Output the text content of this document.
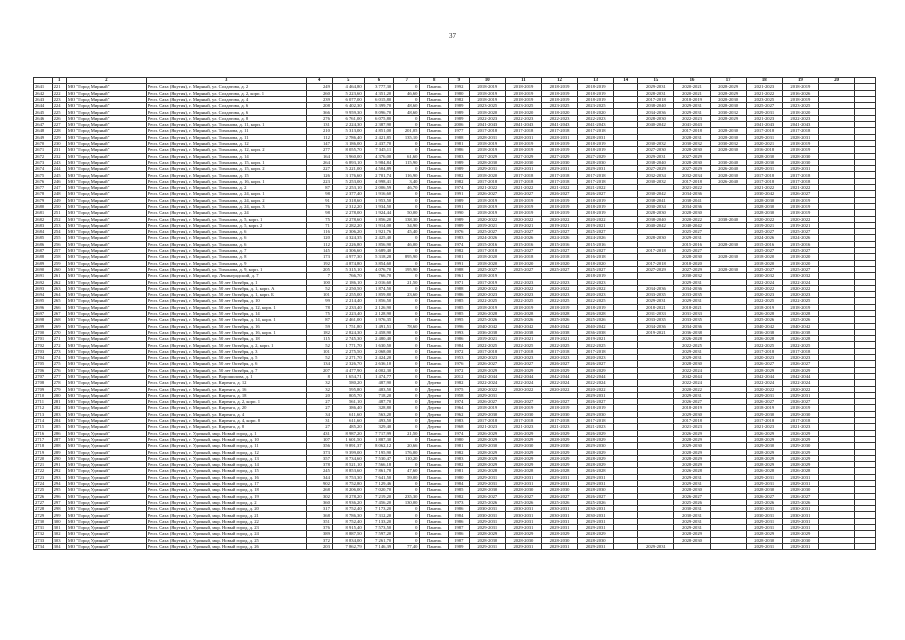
37
	1	2	3	4	5	6	7	8	9	10	11	12	13	14	15	16	17	18	19	20	
2641	221	МО "Город Мирный"	Респ. Саха (Якутия), г. Мирный, ул. Солдатова, д. 2	249	4 464,80	3 777,30	0	Панель	1992	2018-2019	2018-2019	2018-2019	2018-2019		2029-2031	2020-2021	2028-2029	2021-2023	2018-2019		
2642	222	МО "Город Мирный"	Респ. Саха (Якутия), г. Мирный, ул. Солдатова, д. 2, корп. 1	260	5 223,60	4 351,20	46,60	Панель	1980	2018-2019	2018-2019	2018-2019	2018-2019		2028-2031	2020-2021	2028-2029	2021-2022	2016-2026		
2643	223	МО "Город Мирный"	Респ. Саха (Якутия), г. Мирный, ул. Солдатова, д. 4	239	6 077,00	6 015,80	0	Панель	1982	2018-2019	2018-2019	2018-2019	2018-2019		2017-2018	2018-2019	2028-2030	2023-2025	2018-2019		
2644	224	МО "Город Мирный"	Респ. Саха (Якутия), г. Мирный, ул. Солдатова, д. 6	208	6 402,30	5 399,70	48,60	Панель	1989	2023-2025	2023-2025	2023-2025	2023-2025		2038-2040	2029-2031	2028-2030	2025-2027	2023-2025		
2645	225	МО "Город Мирный"	Респ. Саха (Якутия), г. Мирный, ул. Солдатова, д. 6	366	9 959,30	8 096,70	48,60	Панель	1989	2018-2020	2018-2020	2018-2020	2018-2020		2034-2036	2029-2031	2030-2032	2029-2031	2018-2020		
2646	226	МО "Город Мирный"	Респ. Саха (Якутия), г. Мирный, ул. Солдатова, д. 8	276	6 761,00	6 075,80	0	Панель	1989	2022-2023	2022-2023	2022-2023	2022-2023		2028-2030	2022-2023	2028-2029	2021-2023	2022-2023		
2647	227	МО "Город Мирный"	Респ. Саха (Якутия), г. Мирный, ул. Тихонова, д. 11, корп. 1	131	2 224,30	2 387,90	0	Панель	2006	2041-2043	2041-2043	2041-2043	2041-2043		2040-2042	2041-2043		2041-2043	2041-2043		
2648	228	МО "Город Мирный"	Респ. Саха (Якутия), г. Мирный, ул. Тихонова, д. 11	210	5 313,00	4 851,00	201,05	Панель	1977	2017-2018	2017-2018	2017-2018	2017-2018			2017-2018	2028-2030	2017-2018	2017-2018		
2649	229	МО "Город Мирный"	Респ. Саха (Якутия), г. Мирный, ул. Тихонова, д. 11	112	2 786,40	2 421,85	135,10	Панель	1988	2028-2031	2028-2031	2028-2031	2028-2031			2028-2031	2028-2030	2029-2031	2028-2031		
2670	230	МО "Город Мирный"	Респ. Саха (Якутия), г. Мирный, ул. Тихонова, д. 12	147	3 186,00	2 437,70	0	Панель	1981	2018-2019	2018-2019	2018-2019	2018-2019		2030-2032	2030-2032	2030-2032	2020-2021	2018-2019		
2671	231	МО "Город Мирный"	Респ. Саха (Якутия), г. Мирный, ул. Тихонова, д. 12, корп. 2	277	8 055,70	7 345,11	0	Панель	1986	2018-2019	2018-2019	2018-2019	2018-2019		2027-2030	2028-2030	2028-2030	2016-2018	2018-2019		
2672	232	МО "Город Мирный"	Респ. Саха (Якутия), г. Мирный, ул. Тихонова, д. 14	164	3 960,00	4 376,00	61,60	Панель	1983	2027-2029	2027-2029	2027-2029	2027-2029		2029-2031	2027-2029		2028-2030	2028-2030		
2673	243	МО "Город Мирный"	Респ. Саха (Якутия), г. Мирный, ул. Тихонова, д. 15, корп. 1	264	6 893,10	5 984,84	115,90	Панель	1989	2028-2030	2028-2030	2028-2030	2028-2030		2038-2040	2028-2030	2030-2040	2028-2030	2028-2030		
2674	244	МО "Город Мирный"	Респ. Саха (Якутия), г. Мирный, ул. Тихонова, д. 15, корп. 2	227	5 221,00	4 504,89	0	Панель	1989	2029-2031	2029-2031	2029-2031	2029-2031		2027-2029	2027-2029	2026-2040	2029-2031	2029-2031		
2675	245	МО "Город Мирный"	Респ. Саха (Якутия), г. Мирный, ул. Тихонова, д. 15	126	3 176,60	2 701,74	116,90	Панель	1982	2018-2020	2017-2018	2017-2018	2017-2018		2032-2034	2032-2034	2028-2030	2017-2018	2017-2018		
2676	246	МО "Город Мирный"	Респ. Саха (Якутия), г. Мирный, ул. Тихонова, д. 16, корп. 1	223	5 253,00	4 998,41	3,40	Панель	1982	2017-2018	2017-2018	2017-2018	2017-2018		2030-2032	2017-2018	2026-2040	2017-2018	2017-2018		
2677	247	МО "Город Мирный"	Респ. Саха (Якутия), г. Мирный, ул. Тихонова, д. 2	87	2 253,10	2 006,59	46,70	Панель	1974	2021-2022	2021-2022	2021-2022	2021-2022			2021-2022		2021-2022	2021-2022		
2678	248	МО "Город Мирный"	Респ. Саха (Якутия), г. Мирный, ул. Тихонова, д. 24, корп. 1	98	2 377,40	1 916,60	0	Панель	1991	2026-2027	2026-2027	2026-2027	2026-2027		2030-2042	2034-2036		2030-2042	2026-2027		
2679	249	МО "Город Мирный"	Респ. Саха (Якутия), г. Мирный, ул. Тихонова, д. 24, корп. 2	91	2 318,60	1 953,50	0	Панель	1989	2018-2019	2018-2019	2018-2019	2018-2019		2038-2041	2038-2041		2028-2030	2018-2019		
2680	250	МО "Город Мирный"	Респ. Саха (Якутия), г. Мирный, ул. Тихонова, д. 24, корп. 3	76	2 312,20	1 934,50	0	Панель	1991	2018-2019	2018-2019	2018-2019	2018-2019		2030-2034	2034-2036		2028-2030	2018-2019		
2681	251	МО "Город Мирный"	Респ. Саха (Якутия), г. Мирный, ул. Тихонова, д. 24	98	2 278,00	1 924,44	50,00	Панель	1990	2018-2019	2018-2019	2018-2019	2018-2019		2028-2030	2028-2030		2028-2030	2018-2019		
2682	252	МО "Город Мирный"	Респ. Саха (Якутия), г. Мирный, ул. Тихонова, д. 5, корп. 1	75	2 278,60	1 856,20	138,30	Панель	1989	2020-2022	2020-2022	2020-2022	2020-2022		2038-2040	2020-2022	2038-2040	2020-2022	2020-2022		
2683	253	МО "Город Мирный"	Респ. Саха (Якутия), г. Мирный, ул. Тихонова, д. 5, корп. 2	71	2 282,20	1 914,00	34,90	Панель	1989	2019-2021	2019-2021	2019-2021	2019-2021		2040-2042	2040-2042		2019-2021	2019-2021		
2684	254	МО "Город Мирный"	Респ. Саха (Якутия), г. Мирный, ул. Тихонова, д. 6	116	2 306,20	1 921,76	45,40	Панель	1976	2025-2027	2025-2027	2025-2027	2025-2027			2025-2027		2025-2027	2025-2027		
2685	255	МО "Город Мирный"	Респ. Саха (Якутия), г. Мирный, ул. Тихонова, д. 6	120	4 324,35	2 425,40	0	Панель	1983	2024-2026	2024-2026	2024-2026	2024-2026		2028-2030	2029-2031		2024-2026	2024-2026		
2686	256	МО "Город Мирный"	Респ. Саха (Якутия), г. Мирный, ул. Тихонова, д. 6	112	2 226,80	1 856,90	46,00	Панель	1974	2015-2016	2015-2016	2015-2016	2015-2016			2015-2016	2028-2030	2015-2016	2015-2016		
2687	257	МО "Город Мирный"	Респ. Саха (Якутия), г. Мирный, ул. Тихонова, д. 7	145	4 306,60	3 689,40	0	Панель	1982	2017-2018	2025-2027	2025-2027	2025-2027		2017-2018	2025-2027		2025-2027	2025-2027		
2688	258	МО "Город Мирный"	Респ. Саха (Якутия), г. Мирный, ул. Тихонова, д. 8	173	4 977,30	5 318,28	895,90	Панель	1981	2018-2020	2016-2018	2016-2018	2016-2018			2028-2030	2028-2030	2018-2020	2018-2020		
2689	259	МО "Город Мирный"	Респ. Саха (Якутия), г. Мирный, ул. Тихонова, д. 9	192	4 874,80	3 854,60	0	Панель	1991	2018-2020	2018-2020	2018-2020	2018-2020		2017-2018	2018-2020		2018-2020	2018-2020		
2690	260	МО "Город Мирный"	Респ. Саха (Якутия), г. Мирный, ул. Тихонова, д. 9, корп. 1	205	5 315,10	4 076,70	195,90	Панель	1988	2025-2027	2025-2027	2025-2027	2025-2027		2027-2029	2027-2029	2028-2030	2025-2027	2025-2027		
2691	261	МО "Город Мирный"	Респ. Саха (Якутия), г. Мирный, пр. Ленинградский, д. 7	7	766,70	766,70	0	Панель	1961	2018-2019			2018-2019			2030-2032		2030-2032	2030-2032		
2692	262	МО "Город Мирный"	Респ. Саха (Якутия), г. Мирный, ул. 50 лет Октября, д. 1	100	2 186,10	2 016,60	21,50	Панель	1971	2017-2019	2022-2023	2022-2023	2022-2023			2029-2031		2022-2024	2022-2024		
2693	263	МО "Город Мирный"	Респ. Саха (Якутия), г. Мирный, ул. 50 лет Октября, д. 1, корп. А	52	2 250,50	1 874,50	0	Панель	1988	2020-2022	2020-2022	2020-2022	2020-2022		2034-2036	2034-2036		2020-2022	2020-2022		
2694	264	МО "Город Мирный"	Респ. Саха (Якутия), г. Мирный, ул. 50 лет Октября, д. 1, корп. Б	101	2 255,00	1 859,80	23,60	Панель	1986	2020-2023	2020-2023	2020-2023	2020-2023		2033-2035	2033-2035		2020-2023	2020-2023		
2695	265	МО "Город Мирный"	Респ. Саха (Якутия), г. Мирный, ул. 50 лет Октября, д. 10	99	2 214,40	1 856,50	0	Панель	1985	2022-2025	2022-2025	2022-2025	2022-2025		2029-2031	2029-2031		2022-2025	2022-2025		
2696	266	МО "Город Мирный"	Респ. Саха (Якутия), г. Мирный, ул. 50 лет Октября, д. 12, корп. 1	78	2 233,40	2 126,90	0	Панель	1985	2018-2019	2018-2019	2018-2019	2018-2019		2018-2021	2018-2021		2018-2019	2018-2019		
2697	267	МО "Город Мирный"	Респ. Саха (Якутия), г. Мирный, ул. 50 лет Октября, д. 14	75	2 223,40	2 128,90	0	Панель	1985	2026-2028	2026-2028	2026-2028	2026-2028		2031-2033	2031-2033		2026-2028	2026-2028		
2698	268	МО "Город Мирный"	Респ. Саха (Якутия), г. Мирный, ул. 50 лет Октября, д. 14, корп. 1	87	2 461,00	1 976,35	0	Панель	1995	2025-2026	2025-2026	2025-2026	2025-2026		2033-2035	2033-2035		2025-2026	2025-2026		
2699	269	МО "Город Мирный"	Респ. Саха (Якутия), г. Мирный, ул. 50 лет Октября, д. 16	59	1 751,80	1 491,51	78,60	Панель	1996	2040-2042	2040-2042	2040-2042	2040-2042		2034-2036	2034-2036		2040-2042	2040-2042		
2700	270	МО "Город Мирный"	Респ. Саха (Якутия), г. Мирный, ул. 50 лет Октября, д. 16, корп. 1	182	2 824,30	2 458,90	0	Панель	1993	2036-2038	2036-2038	2036-2038	2036-2038		2019-2021	2036-2038		2036-2038	2036-2038		
2701	271	МО "Город Мирный"	Респ. Саха (Якутия), г. Мирный, ул. 50 лет Октября, д. 18	115	2 745,30	2 480,40	0	Панель	1986	2019-2021	2019-2021	2019-2021	2019-2021			2026-2028		2026-2028	2026-2028		
2702	272	МО "Город Мирный"	Респ. Саха (Якутия), г. Мирный, ул. 50 лет Октября, д. 2, корп. 1	52	1 771,70	1 630,50	0	Панель	1984	2022-2025	2022-2025	2022-2025	2022-2025			2022-2025		2022-2025	2022-2025		
2703	273	МО "Город Мирный"	Респ. Саха (Якутия), г. Мирный, ул. 50 лет Октября, д. 3	101	2 275,50	2 068,00	0	Панель	1972	2017-2018	2017-2018	2017-2018	2017-2018			2029-2031		2017-2018	2017-2018		
2704	274	МО "Город Мирный"	Респ. Саха (Якутия), г. Мирный, ул. 50 лет Октября, д. 5	52	2 271,70	2 424,20	0	Панель	1953	2020-2023	2020-2023	2020-2023	2020-2023			2029-2031		2020-2023	2020-2023		
2705	275	МО "Город Мирный"	Респ. Саха (Якутия), г. Мирный, ул. 50 лет Октября, д. 6	134	2 326,70	2 636,10	0	Панель	1976	2026-2027	2026-2027	2026-2027	2026-2027			2028-2030		2026-2027	2026-2027		
2706	276	МО "Город Мирный"	Респ. Саха (Якутия), г. Мирный, ул. 50 лет Октября, д. 7	207	4 477,90	4 002,30	0	Панель	1972	2028-2029	2028-2029	2028-2029	2028-2029			2022-2024		2028-2029	2028-2029		
2707	277	МО "Город Мирный"	Респ. Саха (Якутия), г. Мирный, ул. Ворошилова, д. 1	8	1 654,71	1 474,77	0	Панель	2012	2042-2044	2042-2044	2042-2044	2042-2044			2042-2044		2042-2044	2042-2044		
2708	278	МО "Город Мирный"	Респ. Саха (Якутия), г. Мирный, ул. Киренга, д. 12	32	580,20	487,90	0	Дерево	1982	2022-2024	2022-2024	2022-2024	2022-2024			2022-2024		2022-2024	2022-2024		
2709	279	МО "Город Мирный"	Респ. Саха (Якутия), г. Мирный, ул. Киренга, д. 16	32	595,80	483,50	0	Дерево	1975	2020-2022	2020-2022	2020-2022	2020-2022			2020-2022		2020-2022	2020-2022		
2710	280	МО "Город Мирный"	Респ. Саха (Якутия), г. Мирный, ул. Киренга, д. 18	20	805,70	718,20	0	Дерево	1958	2029-2031			2029-2031			2029-2031		2029-2031	2029-2031		
2711	281	МО "Город Мирный"	Респ. Саха (Якутия), г. Мирный, ул. Киренга, д. 2, корп. 1	27	561,10	487,70	0	Дерево	1974	2026-2027	2026-2027	2026-2027	2026-2027			2026-2027		2026-2027	2026-2027		
2712	282	МО "Город Мирный"	Респ. Саха (Якутия), г. Мирный, ул. Киренга, д. 20	27	386,40	328,80	0	Дерево	1964	2018-2019	2018-2019	2018-2019	2018-2019			2018-2019		2018-2019	2018-2019		
2713	283	МО "Город Мирный"	Респ. Саха (Якутия), г. Мирный, ул. Киренга, д. 4	34	611,60	563,20	0	Дерево	1962	2029-2030	2029-2030	2029-2030	2029-2030			2029-2030		2029-2030	2029-2030		
2714	284	МО "Город Мирный"	Респ. Саха (Якутия), г. Мирный, ул. Киренга, д. 4, корп. 8	31	611,60	493,50	0	Дерево	1983	2017-2018	2017-2018	2017-2018	2017-2018			2017-2018		2017-2018	2017-2018		
2715	285	МО "Город Мирный"	Респ. Саха (Якутия), г. Мирный, ул. Киренга, д. 8	27	485,20	329,40	0	Дерево	1968	2021-2023	2021-2023	2021-2023	2021-2023			2021-2023		2021-2023	2021-2023		
2716	286	МО "Город Удачный"	Респ. Саха (Якутия), г. Удачный, мкр. Новый город, д. 1	431	8 987,20	7 717,99	21,50	Панель	1974	2026-2029	2026-2029	2026-2029	2026-2029			2026-2029		2026-2029	2026-2029		
2717	287	МО "Город Удачный"	Респ. Саха (Якутия), г. Удачный, мкр. Новый город, д. 10	107	1 601,50	1 887,30	0	Панель	1980	2028-2029	2028-2029	2028-2029	2028-2029			2028-2029		2028-2029	2028-2029		
2718	288	МО "Город Удачный"	Респ. Саха (Якутия), г. Удачный, мкр. Новый город, д. 11	356	9 891,37	8 062,12	20,66	Панель	1981	2029-2030	2029-2030	2029-2030	2029-2030			2029-2030		2029-2030	2029-2030		
2719	289	МО "Город Удачный"	Респ. Саха (Якутия), г. Удачный, мкр. Новый город, д. 12	373	9 399,00	7 195,90	176,00	Панель	1982	2028-2029	2028-2029	2028-2029	2028-2029			2028-2029		2028-2029	2028-2029		
2720	290	МО "Город Удачный"	Респ. Саха (Якутия), г. Удачный, мкр. Новый город, д. 13	357	8 734,60	7 530,47	110,20	Панель	1983	2028-2029	2028-2029	2028-2029	2028-2029			2028-2029		2028-2029	2028-2029		
2721	291	МО "Город Удачный"	Респ. Саха (Якутия), г. Удачный, мкр. Новый город, д. 14	378	8 521,10	7 566,18	0	Панель	1982	2028-2029	2028-2029	2028-2029	2028-2029			2028-2029		2028-2029	2028-2029		
2722	292	МО "Город Удачный"	Респ. Саха (Якутия), г. Удачный, мкр. Новый город, д. 15	245	8 853,60	7 861,78	47,60	Панель	1981	2026-2028	2026-2028	2026-2028	2026-2028			2026-2028		2026-2028	2026-2028		
2723	293	МО "Город Удачный"	Респ. Саха (Якутия), г. Удачный, мкр. Новый город, д. 16	344	8 753,30	7 641,50	59,00	Панель	1980	2029-2031	2029-2031	2029-2031	2029-2031			2029-2031		2029-2031	2029-2031		
2724	294	МО "Город Удачный"	Респ. Саха (Якутия), г. Удачный, мкр. Новый город, д. 17	902	8 752,80	7 129,46	0	Панель	1984	2029-2031	2029-2031	2029-2031	2029-2031			2029-2031		2029-2031	2029-2031		
2725	295	МО "Город Удачный"	Респ. Саха (Якутия), г. Удачный, мкр. Новый город, д. 18	268	8 206,00	7 020,70	0	Панель	1985	2028-2030	2028-2030	2028-2030	2028-2030			2028-2030		2028-2030	2028-2030		
2726	296	МО "Город Удачный"	Респ. Саха (Якутия), г. Удачный, мкр. Новый город, д. 19	302	8 278,20	7 219,20	235,30	Панель	1982	2026-2027	2026-2027	2026-2027	2026-2027			2026-2027		2026-2027	2026-2027		
2727	297	МО "Город Удачный"	Респ. Саха (Якутия), г. Удачный, мкр. Новый город, д. 2	360	8 936,20	7 456,20	130,00	Панель	1973	2025-2026	2025-2026	2025-2026	2025-2026			2025-2026		2025-2026	2025-2026		
2728	298	МО "Город Удачный"	Респ. Саха (Якутия), г. Удачный, мкр. Новый город, д. 20	317	8 752,40	7 173,20	0	Панель	1986	2030-2031	2030-2031	2030-2031	2030-2031			2030-2031		2030-2031	2030-2031		
2729	299	МО "Город Удачный"	Респ. Саха (Якутия), г. Удачный, мкр. Новый город, д. 21	368	8 786,30	7 312,20	0	Панель	1984	2030-2031	2030-2031	2030-2031	2030-2031			2030-2031		2030-2031	2030-2031		
2730	300	МО "Город Удачный"	Респ. Саха (Якутия), г. Удачный, мкр. Новый город, д. 22	351	8 752,40	7 133,20	0	Панель	1986	2029-2031	2029-2031	2029-2031	2029-2031			2029-2031		2029-2031	2029-2031		
2731	301	МО "Город Удачный"	Респ. Саха (Якутия), г. Удачный, мкр. Новый город, д. 23	376	8 915,40	7 573,50	0	Панель	1987	2029-2031	2029-2031	2029-2031	2029-2031			2029-2031		2029-2031	2029-2031		
2732	302	МО "Город Удачный"	Респ. Саха (Якутия), г. Удачный, мкр. Новый город, д. 24	389	8 887,50	7 597,20	0	Панель	1986	2028-2029	2028-2029	2028-2029	2028-2029			2028-2029		2028-2029	2028-2029		
2733	303	МО "Город Удачный"	Респ. Саха (Якутия), г. Удачный, мкр. Новый город, д. 25	372	8 834,00	7 261,70	0	Панель	1987	2028-2030	2028-2030	2028-2030	2028-2030			2028-2030		2028-2030	2028-2030		
2734	304	МО "Город Удачный"	Респ. Саха (Якутия), г. Удачный, мкр. Новый город, д. 26	203	7 862,79	7 146,39	77,40	Панель	1989	2029-2031	2029-2031	2029-2031	2029-2031		2029-2031			2029-2031	2029-2031		
